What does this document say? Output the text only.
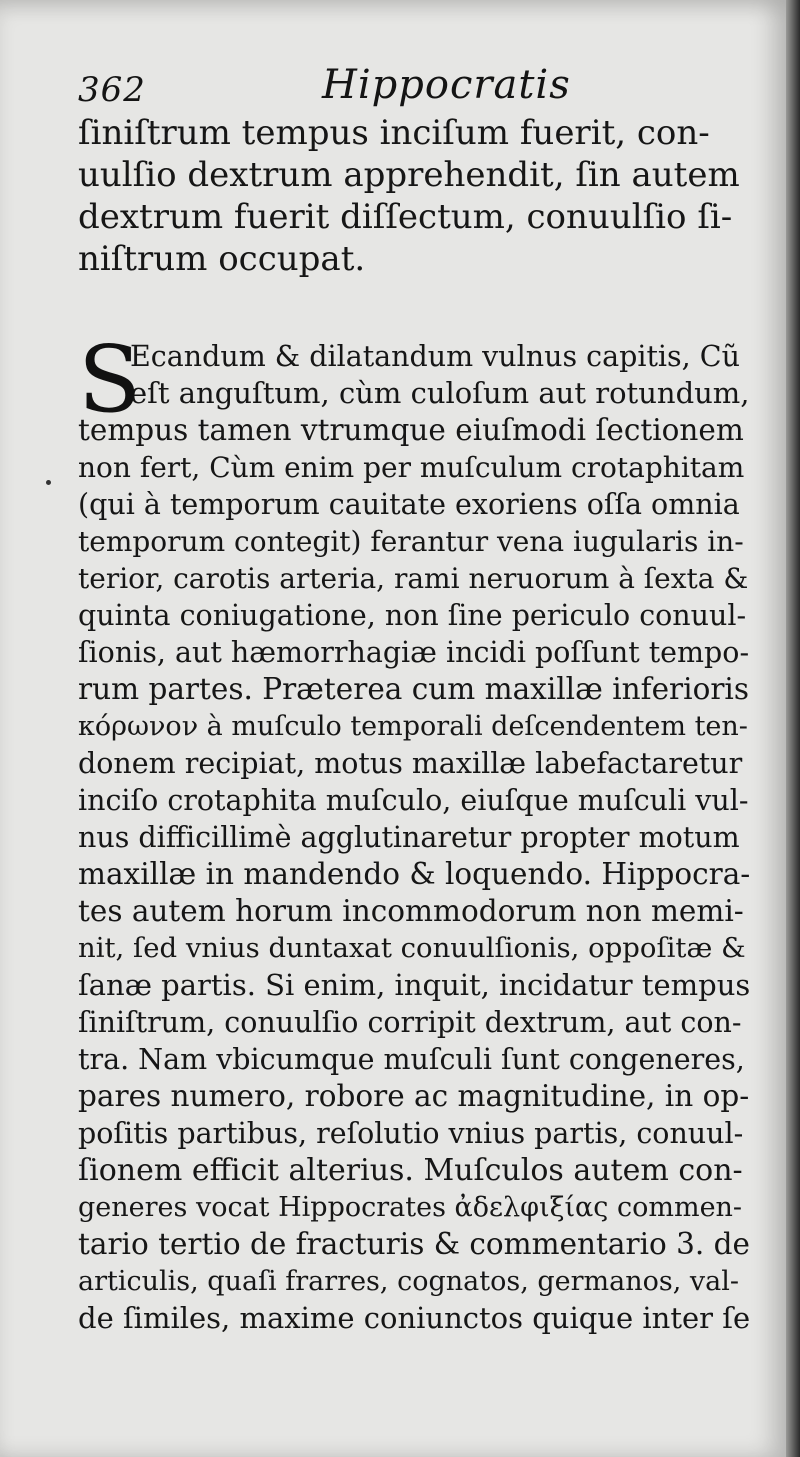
362	Hippocratis
ſiniſtrum tempus inciſum fuerit, con-
uulſio dextrum apprehendit, ſin autem
dextrum fuerit diſſectum, conuulſio ſi-
niſtrum occupat.
S
Ecandum & dilatandum vulnus capitis, Cũ
eſt anguſtum, cùm culoſum aut rotundum,
tempus tamen vtrumque eiuſmodi ſectionem
non fert, Cùm enim per muſculum crotaphitam
(qui à temporum cauitate exoriens oſſa omnia
temporum contegit) ferantur vena iugularis in-
terior, carotis arteria, rami neruorum à ſexta &
quinta coniugatione, non ſine periculo conuul-
ſionis, aut hæmorrhagiæ incidi poſſunt tempo-
rum partes. Præterea cum maxillæ inferioris
κόρωνον à muſculo temporali deſcendentem ten-
donem recipiat, motus maxillæ labefactaretur
inciſo crotaphita muſculo, eiuſque muſculi vul-
nus difficillimè agglutinaretur propter motum
maxillæ in mandendo & loquendo. Hippocra-
tes autem horum incommodorum non memi-
nit, ſed vnius duntaxat conuulſionis, oppoſitæ &
ſanæ partis. Si enim, inquit, incidatur tempus
ſiniſtrum, conuulſio corripit dextrum, aut con-
tra. Nam vbicumque muſculi ſunt congeneres,
pares numero, robore ac magnitudine, in op-
poſitis partibus, reſolutio vnius partis, conuul-
ſionem efficit alterius. Muſculos autem con-
generes vocat Hippocrates ἀδελφιξίας commen-
tario tertio de fracturis & commentario 3. de
articulis, quaſi frarres, cognatos, germanos, val-
de ſimiles, maxime coniunctos quique inter ſe
